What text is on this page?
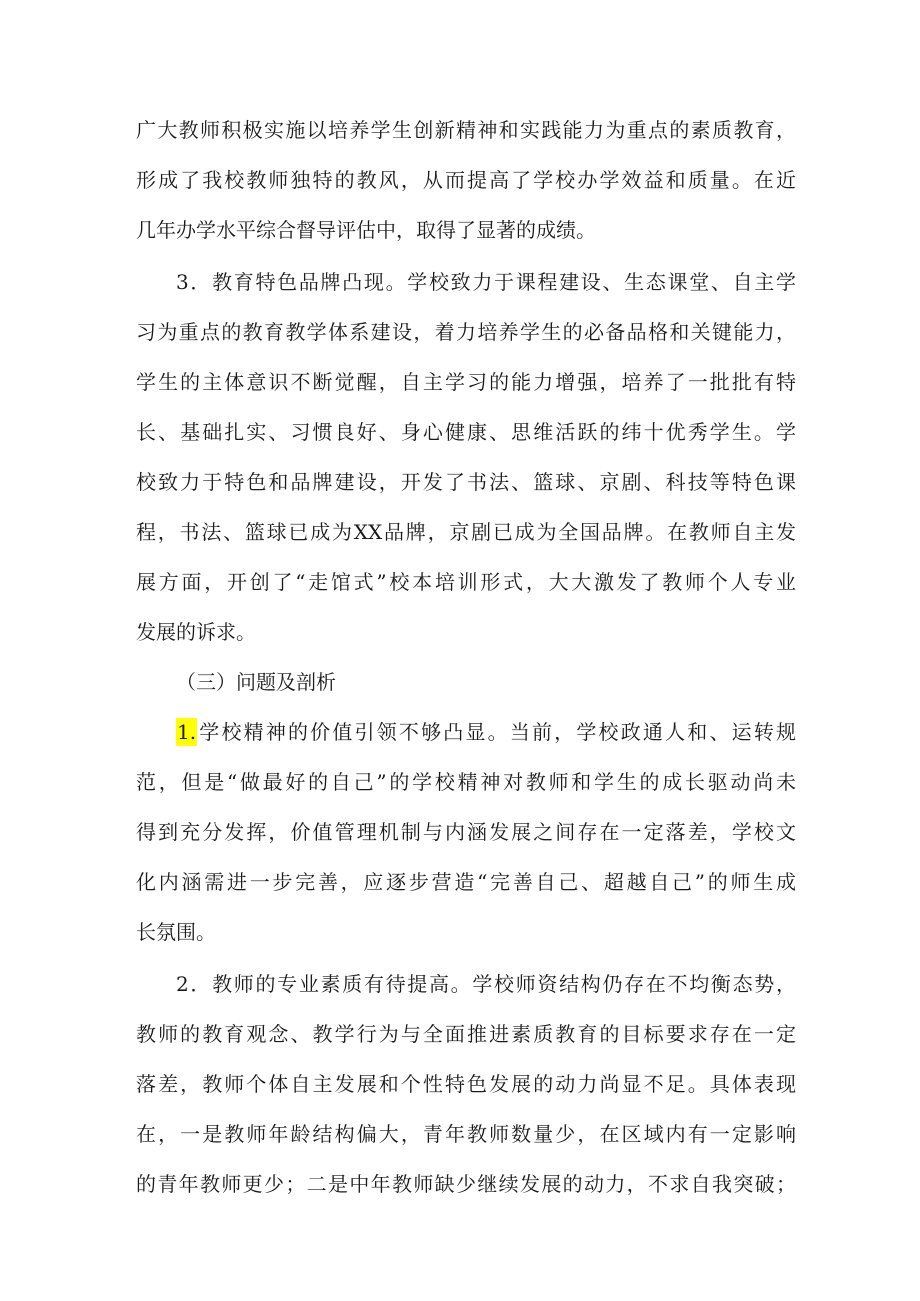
广大教师积极实施以培养学生创新精神和实践能力为重点的素质教育，
形成了我校教师独特的教风，从而提高了学校办学效益和质量。在近
几年办学水平综合督导评估中，取得了显著的成绩。
3．教育特色品牌凸现。学校致力于课程建设、生态课堂、自主学
习为重点的教育教学体系建设，着力培养学生的必备品格和关键能力，
学生的主体意识不断觉醒，自主学习的能力增强，培养了一批批有特
长、基础扎实、习惯良好、身心健康、思维活跃的纬十优秀学生。学
校致力于特色和品牌建设，开发了书法、篮球、京剧、科技等特色课
程，书法、篮球已成为XX品牌，京剧已成为全国品牌。在教师自主发
展方面，开创了“走馆式”校本培训形式，大大激发了教师个人专业
发展的诉求。
（三）问题及剖析
1.学校精神的价值引领不够凸显。当前，学校政通人和、运转规
范，但是“做最好的自己”的学校精神对教师和学生的成长驱动尚未
得到充分发挥，价值管理机制与内涵发展之间存在一定落差，学校文
化内涵需进一步完善，应逐步营造“完善自己、超越自己”的师生成
长氛围。
2．教师的专业素质有待提高。学校师资结构仍存在不均衡态势，
教师的教育观念、教学行为与全面推进素质教育的目标要求存在一定
落差，教师个体自主发展和个性特色发展的动力尚显不足。具体表现
在，一是教师年龄结构偏大，青年教师数量少，在区域内有一定影响
的青年教师更少；二是中年教师缺少继续发展的动力，不求自我突破；
